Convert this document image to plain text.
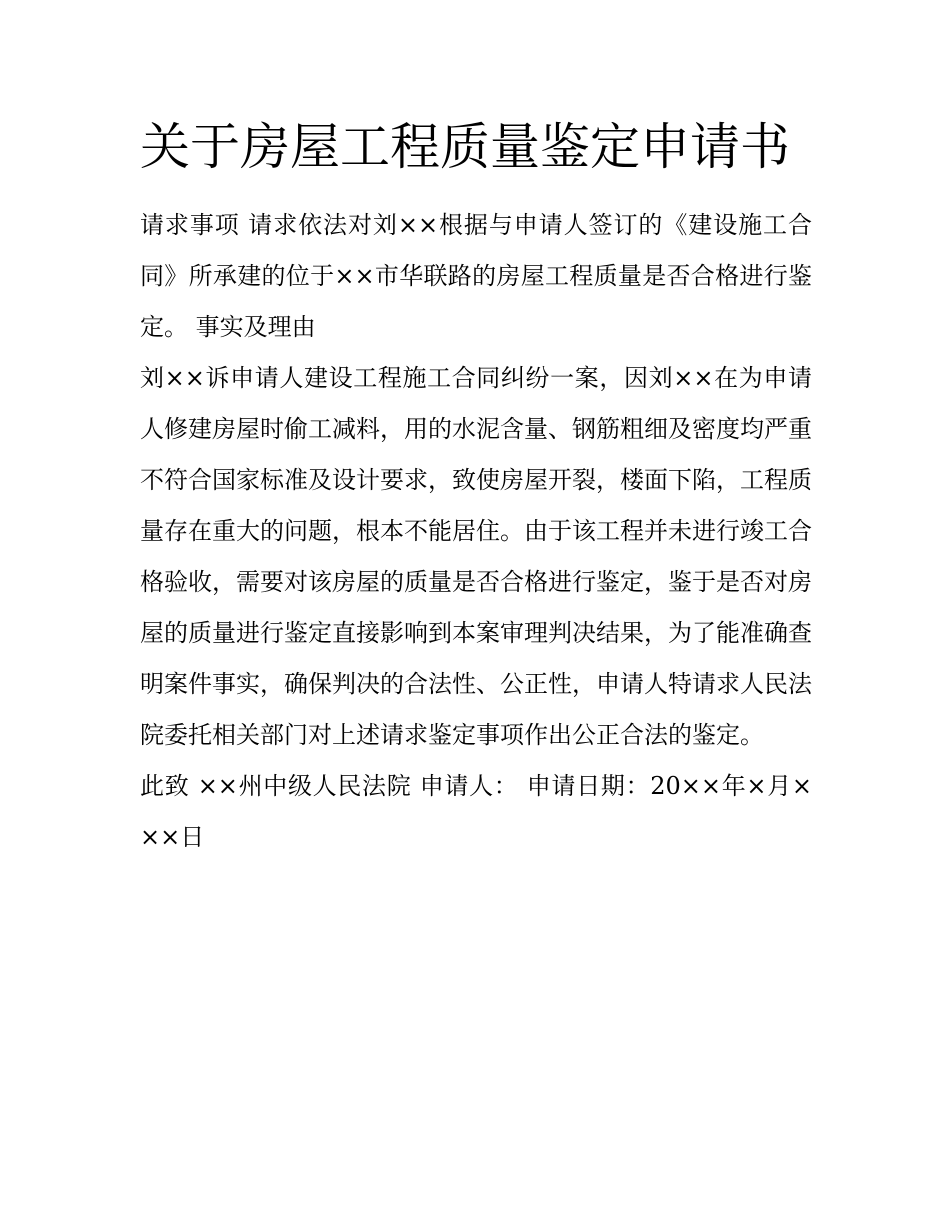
关于房屋工程质量鉴定申请书

请求事项 请求依法对刘××根据与申请人签订的《建设施工合同》所承建的位于××市华联路的房屋工程质量是否合格进行鉴定。 事实及理由

刘××诉申请人建设工程施工合同纠纷一案，因刘××在为申请人修建房屋时偷工减料，用的水泥含量、钢筋粗细及密度均严重不符合国家标准及设计要求，致使房屋开裂，楼面下陷，工程质量存在重大的问题，根本不能居住。由于该工程并未进行竣工合格验收，需要对该房屋的质量是否合格进行鉴定，鉴于是否对房屋的质量进行鉴定直接影响到本案审理判决结果，为了能准确查明案件事实，确保判决的合法性、公正性，申请人特请求人民法院委托相关部门对上述请求鉴定事项作出公正合法的鉴定。

此致 ××州中级人民法院 申请人： 申请日期：20××年×月×××日
